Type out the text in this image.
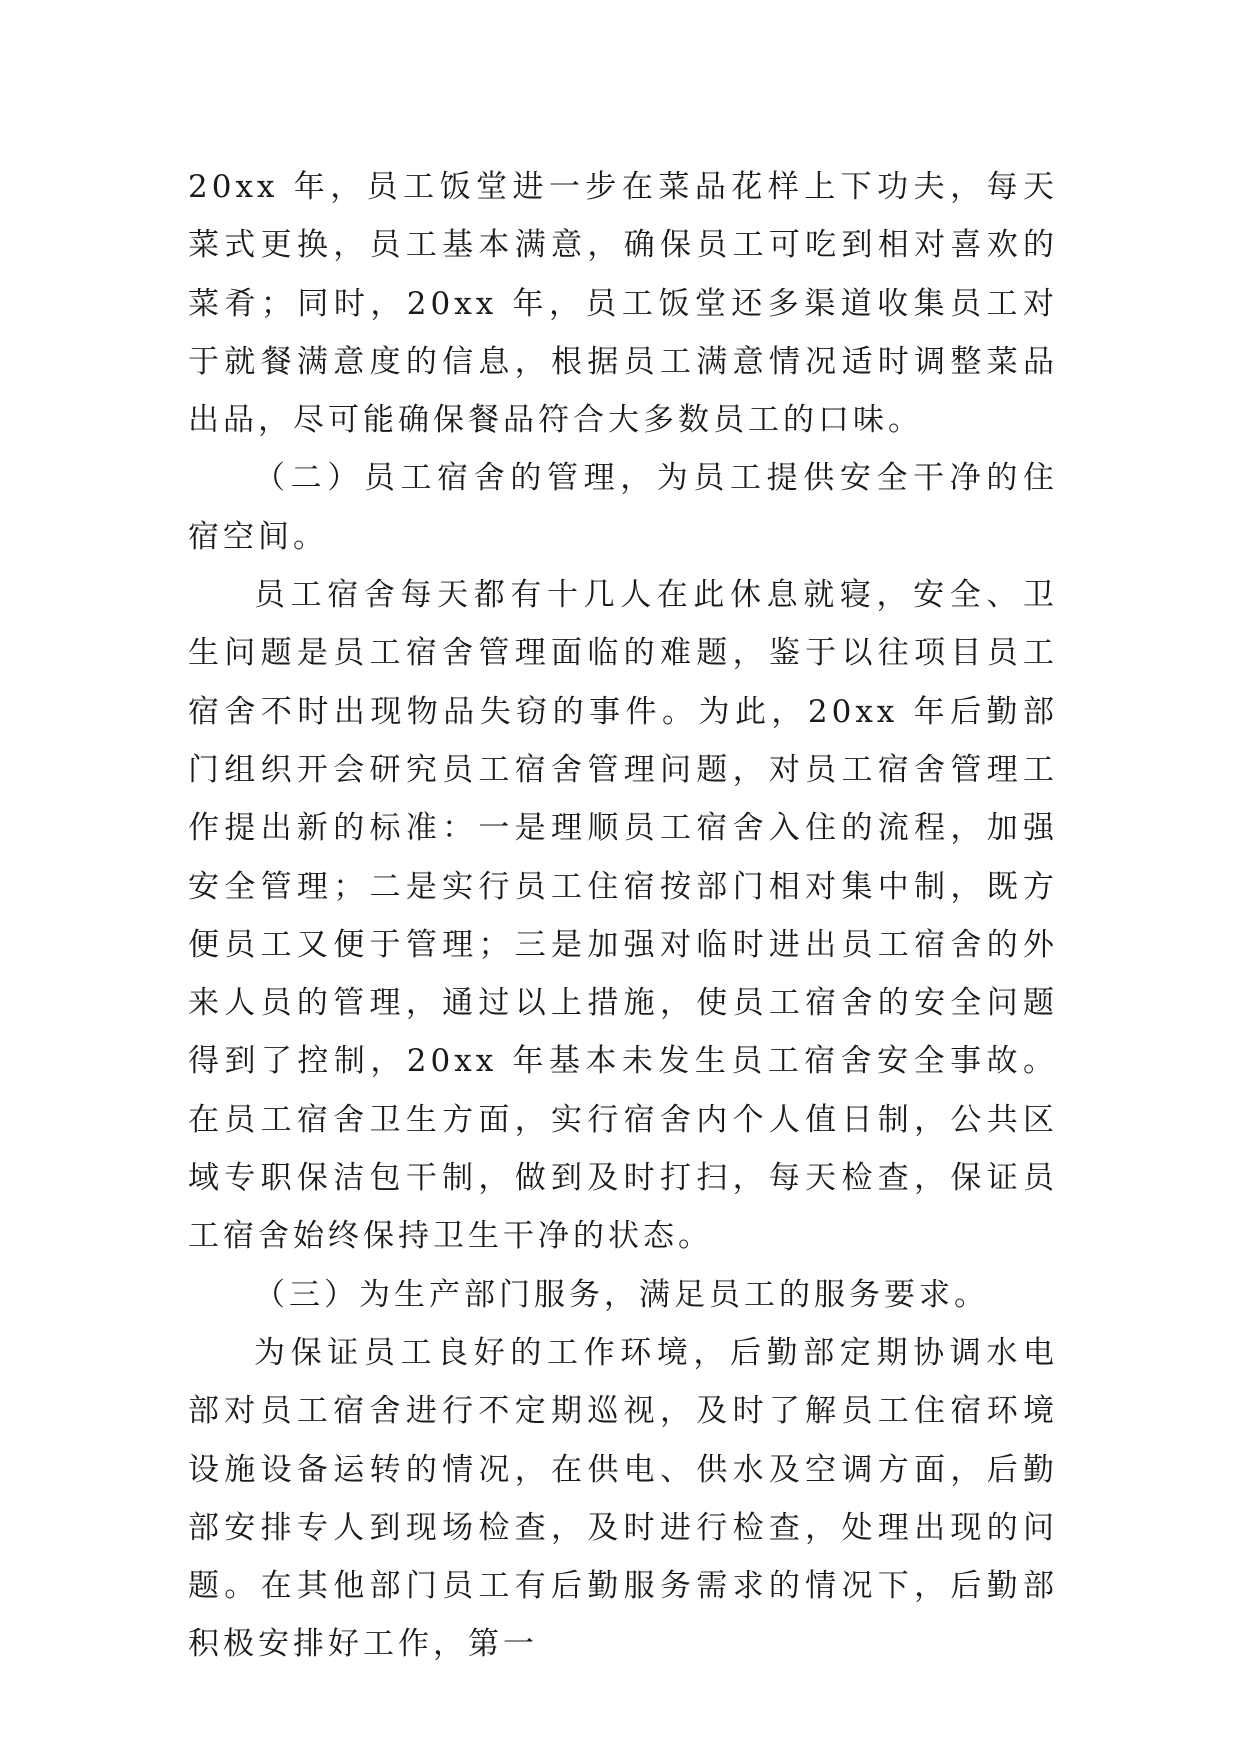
20xx 年，员工饭堂进一步在菜品花样上下功夫，每天菜式更换，员工基本满意，确保员工可吃到相对喜欢的菜肴；同时，20xx 年，员工饭堂还多渠道收集员工对于就餐满意度的信息，根据员工满意情况适时调整菜品出品，尽可能确保餐品符合大多数员工的口味。

（二）员工宿舍的管理，为员工提供安全干净的住宿空间。

员工宿舍每天都有十几人在此休息就寝，安全、卫生问题是员工宿舍管理面临的难题，鉴于以往项目员工宿舍不时出现物品失窃的事件。为此，20xx 年后勤部门组织开会研究员工宿舍管理问题，对员工宿舍管理工作提出新的标准：一是理顺员工宿舍入住的流程，加强安全管理；二是实行员工住宿按部门相对集中制，既方便员工又便于管理；三是加强对临时进出员工宿舍的外来人员的管理，通过以上措施，使员工宿舍的安全问题得到了控制，20xx 年基本未发生员工宿舍安全事故。在员工宿舍卫生方面，实行宿舍内个人值日制，公共区域专职保洁包干制，做到及时打扫，每天检查，保证员工宿舍始终保持卫生干净的状态。

（三）为生产部门服务，满足员工的服务要求。

为保证员工良好的工作环境，后勤部定期协调水电部对员工宿舍进行不定期巡视，及时了解员工住宿环境设施设备运转的情况，在供电、供水及空调方面，后勤部安排专人到现场检查，及时进行检查，处理出现的问题。在其他部门员工有后勤服务需求的情况下，后勤部积极安排好工作，第一
